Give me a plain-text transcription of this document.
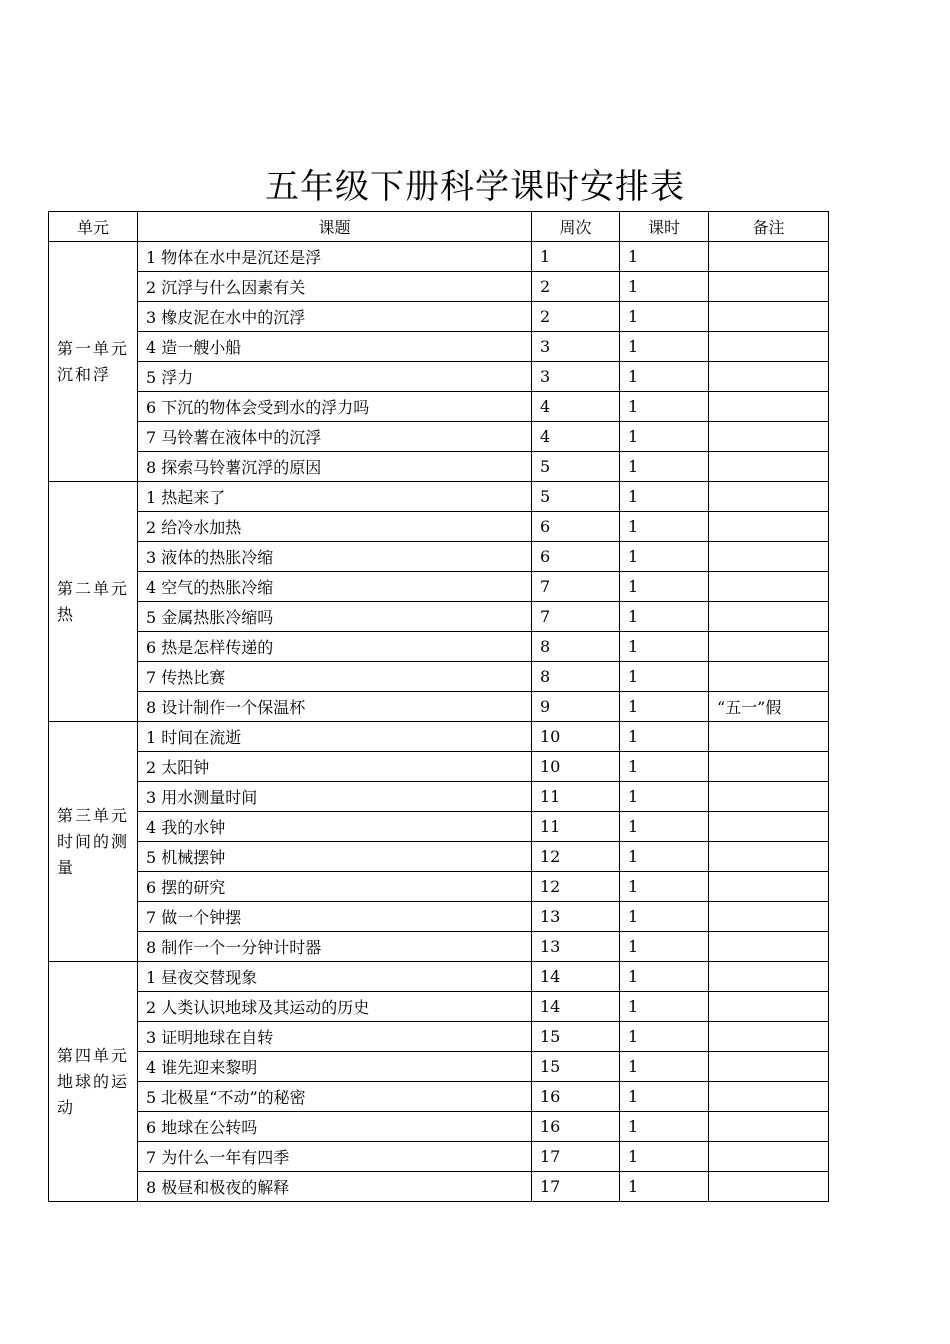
五年级下册科学课时安排表
单元	课题	周次	课时	备注

第一单元
沉和浮	1 物体在水中是沉还是浮	1	1	
	2 沉浮与什么因素有关	2	1	
	3 橡皮泥在水中的沉浮	2	1	
	4 造一艘小船	3	1	
	5 浮力	3	1	
	6 下沉的物体会受到水的浮力吗	4	1	
	7 马铃薯在液体中的沉浮	4	1	
	8 探索马铃薯沉浮的原因	5	1	

第二单元
热	1 热起来了	5	1	
	2 给冷水加热	6	1	
	3 液体的热胀冷缩	6	1	
	4 空气的热胀冷缩	7	1	
	5 金属热胀冷缩吗	7	1	
	6 热是怎样传递的	8	1	
	7 传热比赛	8	1	
	8 设计制作一个保温杯	9	1	“五一”假

第三单元
时间的测量	1 时间在流逝	10	1	
	2 太阳钟	10	1	
	3 用水测量时间	11	1	
	4 我的水钟	11	1	
	5 机械摆钟	12	1	
	6 摆的研究	12	1	
	7 做一个钟摆	13	1	
	8 制作一个一分钟计时器	13	1	

第四单元
地球的运动	1 昼夜交替现象	14	1	
	2 人类认识地球及其运动的历史	14	1	
	3 证明地球在自转	15	1	
	4 谁先迎来黎明	15	1	
	5 北极星“不动”的秘密	16	1	
	6 地球在公转吗	16	1	
	7 为什么一年有四季	17	1	
	8 极昼和极夜的解释	17	1	
